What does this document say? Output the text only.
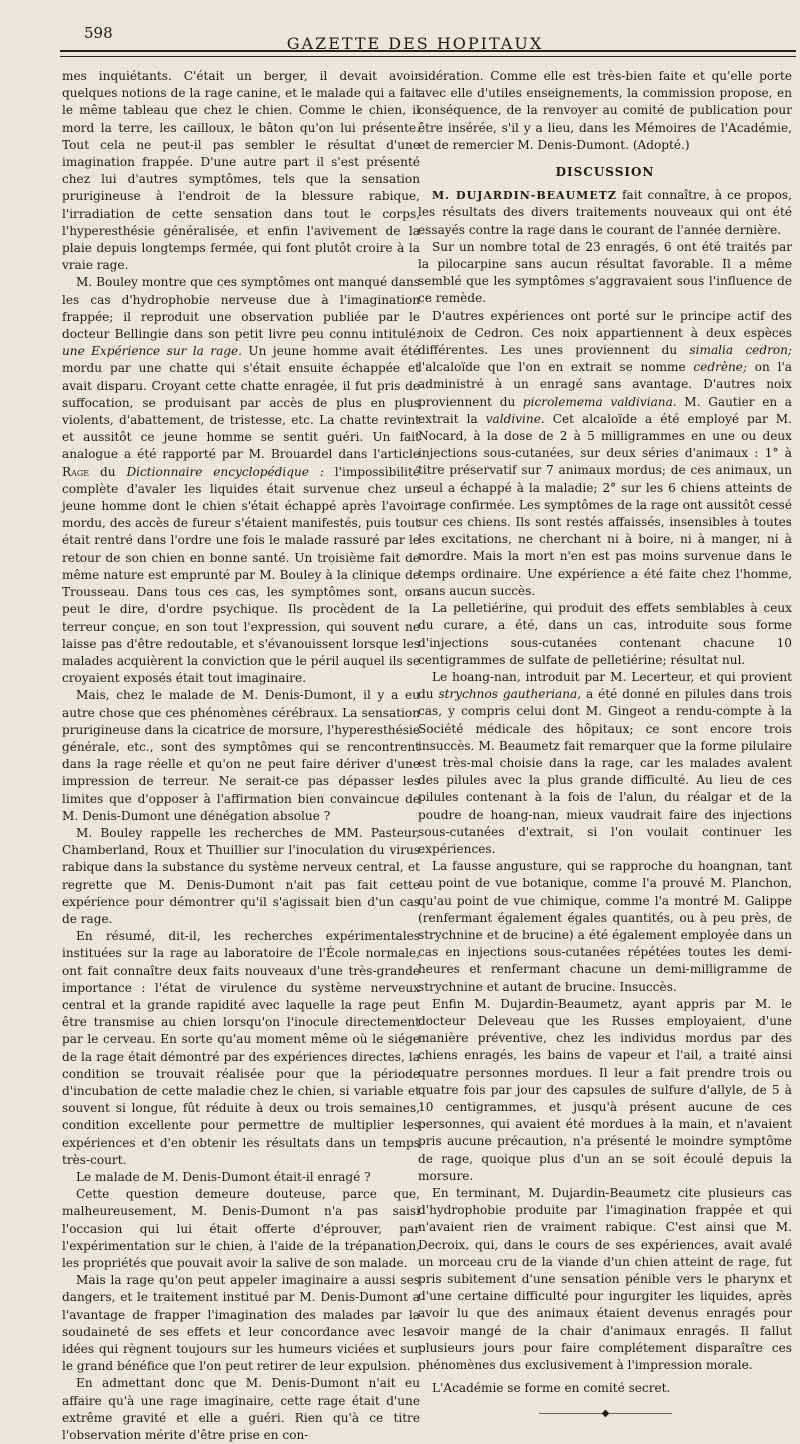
598
GAZETTE DES HOPITAUX

mes inquiétants. C'était un berger, il devait avoir quelques notions de la rage canine, et le malade qui a fait le même tableau que chez le chien. Comme le chien, il mord la terre, les cailloux, le bâton qu'on lui présente. Tout cela ne peut-il pas sembler le résultat d'une imagination frappée. D'une autre part il s'est présenté chez lui d'autres symptômes, tels que la sensation prurigineuse à l'endroit de la blessure rabique, l'irradiation de cette sensation dans tout le corps, l'hyperesthésie généralisée, et enfin l'avivement de la plaie depuis longtemps fermée, qui font plutôt croire à la vraie rage.

M. Bouley montre que ces symptômes ont manqué dans les cas d'hydrophobie nerveuse due à l'imagination frappée; il reproduit une observation publiée par le docteur Bellingie dans son petit livre peu connu intitulé: une Expérience sur la rage. Un jeune homme avait été mordu par une chatte qui s'était ensuite échappée et avait disparu. Croyant cette chatte enragée, il fut pris de suffocation, se produisant par accès de plus en plus violents, d'abattement, de tristesse, etc. La chatte revint et aussitôt ce jeune homme se sentit guéri. Un fait analogue a été rapporté par M. Brouardel dans l'article Rage du Dictionnaire encyclopédique : l'impossibilité complète d'avaler les liquides était survenue chez un jeune homme dont le chien s'était échappé après l'avoir mordu, des accès de fureur s'étaient manifestés, puis tout était rentré dans l'ordre une fois le malade rassuré par le retour de son chien en bonne santé. Un troisième fait de même nature est emprunté par M. Bouley à la clinique de Trousseau. Dans tous ces cas, les symptômes sont, on peut le dire, d'ordre psychique. Ils procèdent de la terreur conçue, en son tout l'expression, qui souvent ne laisse pas d'être redoutable, et s'évanouissent lorsque les malades acquièrent la conviction que le péril auquel ils se croyaient exposés était tout imaginaire.

Mais, chez le malade de M. Denis-Dumont, il y a eu autre chose que ces phénomènes cérébraux. La sensation prurigineuse dans la cicatrice de morsure, l'hyperesthésie générale, etc., sont des symptômes qui se rencontrent dans la rage réelle et qu'on ne peut faire dériver d'une impression de terreur. Ne serait-ce pas dépasser les limites que d'opposer à l'affirmation bien convaincue de M. Denis-Dumont une dénégation absolue ?

M. Bouley rappelle les recherches de MM. Pasteur, Chamberland, Roux et Thuillier sur l'inoculation du virus rabique dans la substance du système nerveux central, et regrette que M. Denis-Dumont n'ait pas fait cette expérience pour démontrer qu'il s'agissait bien d'un cas de rage.

En résumé, dit-il, les recherches expérimentales instituées sur la rage au laboratoire de l'École normale, ont fait connaître deux faits nouveaux d'une très-grande importance : l'état de virulence du système nerveux central et la grande rapidité avec laquelle la rage peut être transmise au chien lorsqu'on l'inocule directement par le cerveau. En sorte qu'au moment même où le siége de la rage était démontré par des expériences directes, la condition se trouvait réalisée pour que la période d'incubation de cette maladie chez le chien, si variable et souvent si longue, fût réduite à deux ou trois semaines, condition excellente pour permettre de multiplier les expériences et d'en obtenir les résultats dans un temps très-court.

Le malade de M. Denis-Dumont était-il enragé ?

Cette question demeure douteuse, parce que, malheureusement, M. Denis-Dumont n'a pas saisi l'occasion qui lui était offerte d'éprouver, par l'expérimentation sur le chien, à l'aide de la trépanation, les propriétés que pouvait avoir la salive de son malade.

Mais la rage qu'on peut appeler imaginaire a aussi ses dangers, et le traitement institué par M. Denis-Dumont a l'avantage de frapper l'imagination des malades par la soudaineté de ses effets et leur concordance avec les idées qui règnent toujours sur les humeurs viciées et sur le grand bénéfice que l'on peut retirer de leur expulsion.

En admettant donc que M. Denis-Dumont n'ait eu affaire qu'à une rage imaginaire, cette rage était d'une extrême gravité et elle a guéri. Rien qu'à ce titre l'observation mérite d'être prise en con-

sidération. Comme elle est très-bien faite et qu'elle porte avec elle d'utiles enseignements, la commission propose, en conséquence, de la renvoyer au comité de publication pour être insérée, s'il y a lieu, dans les Mémoires de l'Académie, et de remercier M. Denis-Dumont. (Adopté.)

DISCUSSION

M. DUJARDIN-BEAUMETZ fait connaître, à ce propos, les résultats des divers traitements nouveaux qui ont été essayés contre la rage dans le courant de l'année dernière.

Sur un nombre total de 23 enragés, 6 ont été traités par la pilocarpine sans aucun résultat favorable. Il a même semblé que les symptômes s'aggravaient sous l'influence de ce remède.

D'autres expériences ont porté sur le principe actif des noix de Cedron. Ces noix appartiennent à deux espèces différentes. Les unes proviennent du simalia cedron; l'alcaloïde que l'on en extrait se nomme cedrène; on l'a administré à un enragé sans avantage. D'autres noix proviennent du picrolemema valdiviana. M. Gautier en a extrait la valdivine. Cet alcaloïde a été employé par M. Nocard, à la dose de 2 à 5 milligrammes en une ou deux injections sous-cutanées, sur deux séries d'animaux : 1° à titre préservatif sur 7 animaux mordus; de ces animaux, un seul a échappé à la maladie; 2° sur les 6 chiens atteints de rage confirmée. Les symptômes de la rage ont aussitôt cessé sur ces chiens. Ils sont restés affaissés, insensibles à toutes les excitations, ne cherchant ni à boire, ni à manger, ni à mordre. Mais la mort n'en est pas moins survenue dans le temps ordinaire. Une expérience a été faite chez l'homme, sans aucun succès.

La pelletiérine, qui produit des effets semblables à ceux du curare, a été, dans un cas, introduite sous forme d'injections sous-cutanées contenant chacune 10 centigrammes de sulfate de pelletiérine; résultat nul.

Le hoang-nan, introduit par M. Lecerteur, et qui provient du strychnos gautheriana, a été donné en pilules dans trois cas, y compris celui dont M. Gingeot a rendu-compte à la Société médicale des hôpitaux; ce sont encore trois insuccès. M. Beaumetz fait remarquer que la forme pilulaire est très-mal choisie dans la rage, car les malades avalent des pilules avec la plus grande difficulté. Au lieu de ces pilules contenant à la fois de l'alun, du réalgar et de la poudre de hoang-nan, mieux vaudrait faire des injections sous-cutanées d'extrait, si l'on voulait continuer les expériences.

La fausse angusture, qui se rapproche du hoangnan, tant au point de vue botanique, comme l'a prouvé M. Planchon, qu'au point de vue chimique, comme l'a montré M. Galippe (renfermant également égales quantités, ou à peu près, de strychnine et de brucine) a été également employée dans un cas en injections sous-cutanées répétées toutes les demi-heures et renfermant chacune un demi-milligramme de strychnine et autant de brucine. Insuccès.

Enfin M. Dujardin-Beaumetz, ayant appris par M. le docteur Deleveau que les Russes employaient, d'une manière préventive, chez les individus mordus par des chiens enragés, les bains de vapeur et l'ail, a traité ainsi quatre personnes mordues. Il leur a fait prendre trois ou quatre fois par jour des capsules de sulfure d'allyle, de 5 à 10 centigrammes, et jusqu'à présent aucune de ces personnes, qui avaient été mordues à la main, et n'avaient pris aucune précaution, n'a présenté le moindre symptôme de rage, quoique plus d'un an se soit écoulé depuis la morsure.

En terminant, M. Dujardin-Beaumetz cite plusieurs cas d'hydrophobie produite par l'imagination frappée et qui n'avaient rien de vraiment rabique. C'est ainsi que M. Decroix, qui, dans le cours de ses expériences, avait avalé un morceau cru de la viande d'un chien atteint de rage, fut pris subitement d'une sensation pénible vers le pharynx et d'une certaine difficulté pour ingurgiter les liquides, après avoir lu que des animaux étaient devenus enragés pour avoir mangé de la chair d'animaux enragés. Il fallut plusieurs jours pour faire complétement disparaître ces phénomènes dus exclusivement à l'impression morale.

L'Académie se forme en comité secret.

———————◆———————
